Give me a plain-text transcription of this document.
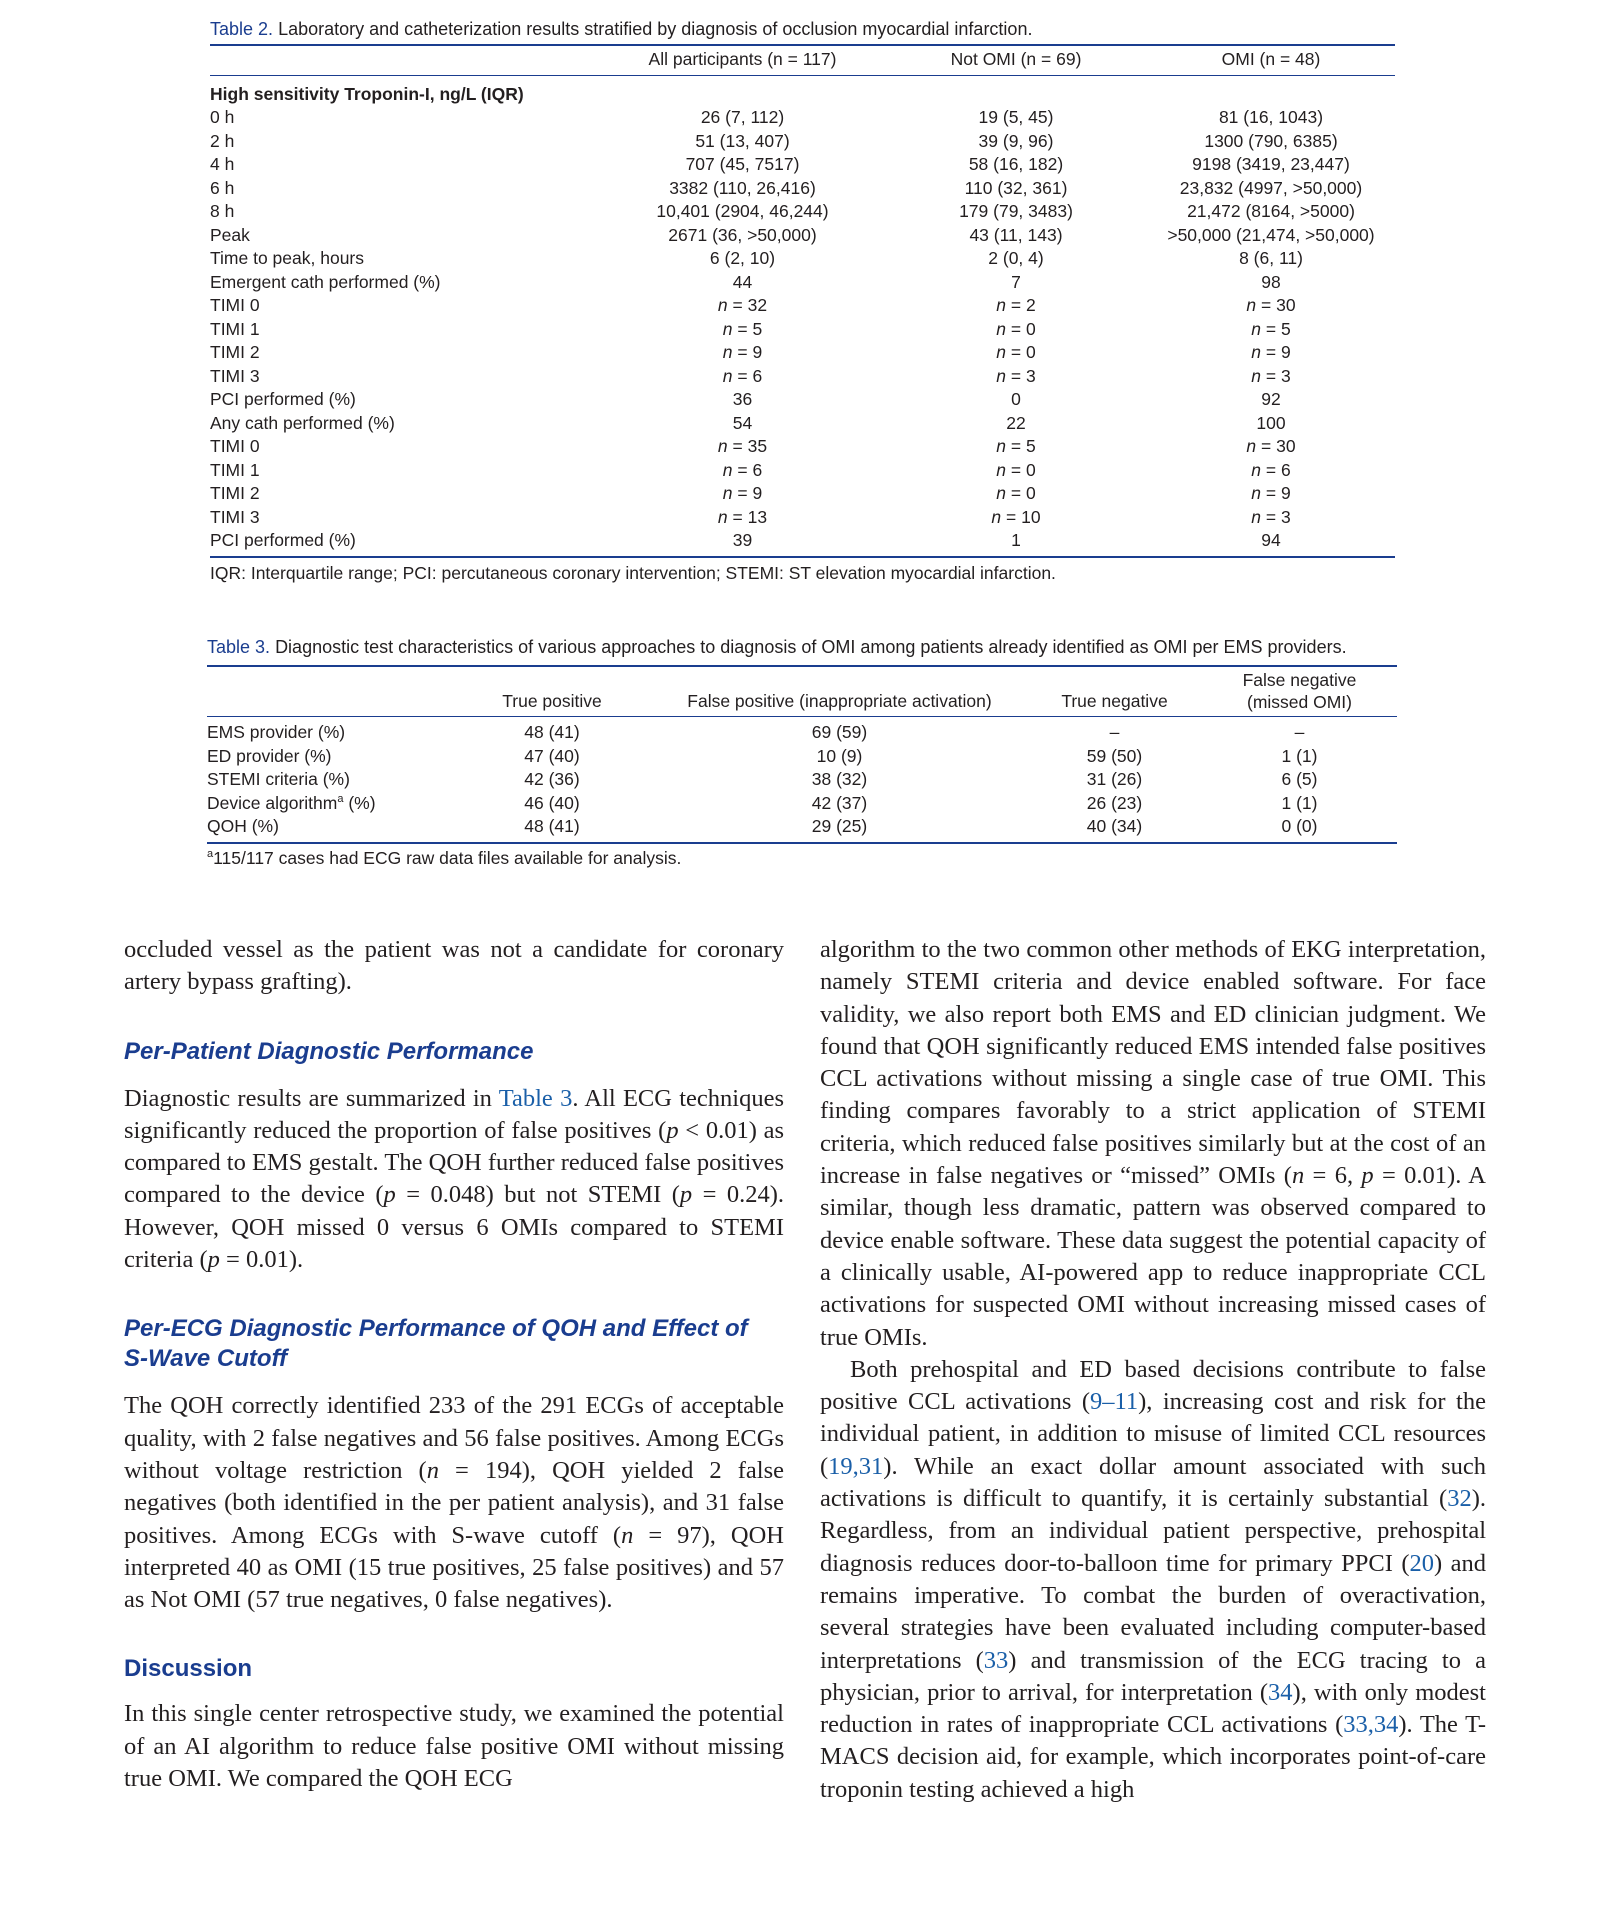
Table 2. Laboratory and catheterization results stratified by diagnosis of occlusion myocardial infarction.
	All participants (n = 117)	Not OMI (n = 69)	OMI (n = 48)
High sensitivity Troponin-I, ng/L (IQR)			
0 h	26 (7, 112)	19 (5, 45)	81 (16, 1043)
2 h	51 (13, 407)	39 (9, 96)	1300 (790, 6385)
4 h	707 (45, 7517)	58 (16, 182)	9198 (3419, 23,447)
6 h	3382 (110, 26,416)	110 (32, 361)	23,832 (4997, >50,000)
8 h	10,401 (2904, 46,244)	179 (79, 3483)	21,472 (8164, >5000)
Peak	2671 (36, >50,000)	43 (11, 143)	>50,000 (21,474, >50,000)
Time to peak, hours	6 (2, 10)	2 (0, 4)	8 (6, 11)
Emergent cath performed (%)	44	7	98
TIMI 0	n = 32	n = 2	n = 30
TIMI 1	n = 5	n = 0	n = 5
TIMI 2	n = 9	n = 0	n = 9
TIMI 3	n = 6	n = 3	n = 3
PCI performed (%)	36	0	92
Any cath performed (%)	54	22	100
TIMI 0	n = 35	n = 5	n = 30
TIMI 1	n = 6	n = 0	n = 6
TIMI 2	n = 9	n = 0	n = 9
TIMI 3	n = 13	n = 10	n = 3
PCI performed (%)	39	1	94
IQR: Interquartile range; PCI: percutaneous coronary intervention; STEMI: ST elevation myocardial infarction.
Table 3. Diagnostic test characteristics of various approaches to diagnosis of OMI among patients already identified as OMI per EMS providers.
	True positive	False positive (inappropriate activation)	True negative	False negative
(missed OMI)

EMS provider (%)	48 (41)	69 (59)	–	–
ED provider (%)	47 (40)	10 (9)	59 (50)	1 (1)
STEMI criteria (%)	42 (36)	38 (32)	31 (26)	6 (5)
Device algorithm$^a$ (%)	46 (40)	42 (37)	26 (23)	1 (1)
QOH (%)	48 (41)	29 (25)	40 (34)	0 (0)
$^a$115/117 cases had ECG raw data files available for analysis.

occluded vessel as the patient was not a candidate for coronary artery bypass grafting).

Per-Patient Diagnostic Performance

Diagnostic results are summarized in Table 3. All ECG techniques significantly reduced the proportion of false positives (p < 0.01) as compared to EMS gestalt. The QOH further reduced false positives compared to the device (p = 0.048) but not STEMI (p = 0.24). However, QOH missed 0 versus 6 OMIs compared to STEMI criteria (p = 0.01).

Per-ECG Diagnostic Performance of QOH and Effect of S-Wave Cutoff

The QOH correctly identified 233 of the 291 ECGs of acceptable quality, with 2 false negatives and 56 false positives. Among ECGs without voltage restriction (n = 194), QOH yielded 2 false negatives (both identified in the per patient analysis), and 31 false positives. Among ECGs with S-wave cutoff (n = 97), QOH interpreted 40 as OMI (15 true positives, 25 false positives) and 57 as Not OMI (57 true negatives, 0 false negatives).

Discussion

In this single center retrospective study, we examined the potential of an AI algorithm to reduce false positive OMI without missing true OMI. We compared the QOH ECG

algorithm to the two common other methods of EKG interpretation, namely STEMI criteria and device enabled software. For face validity, we also report both EMS and ED clinician judgment. We found that QOH significantly reduced EMS intended false positives CCL activations without missing a single case of true OMI. This finding compares favorably to a strict application of STEMI criteria, which reduced false positives similarly but at the cost of an increase in false negatives or “missed” OMIs (n = 6, p = 0.01). A similar, though less dramatic, pattern was observed compared to device enable software. These data suggest the potential capacity of a clinically usable, AI-powered app to reduce inappropriate CCL activations for suspected OMI without increasing missed cases of true OMIs.

Both prehospital and ED based decisions contribute to false positive CCL activations (9–11), increasing cost and risk for the individual patient, in addition to misuse of limited CCL resources (19,31). While an exact dollar amount associated with such activations is difficult to quantify, it is certainly substantial (32). Regardless, from an individual patient perspective, prehospital diagnosis reduces door-to-balloon time for primary PPCI (20) and remains imperative. To combat the burden of overactivation, several strategies have been evaluated including computer-based interpretations (33) and transmission of the ECG tracing to a physician, prior to arrival, for interpretation (34), with only modest reduction in rates of inappropriate CCL activations (33,34). The T-MACS decision aid, for example, which incorporates point-of-care troponin testing achieved a high
